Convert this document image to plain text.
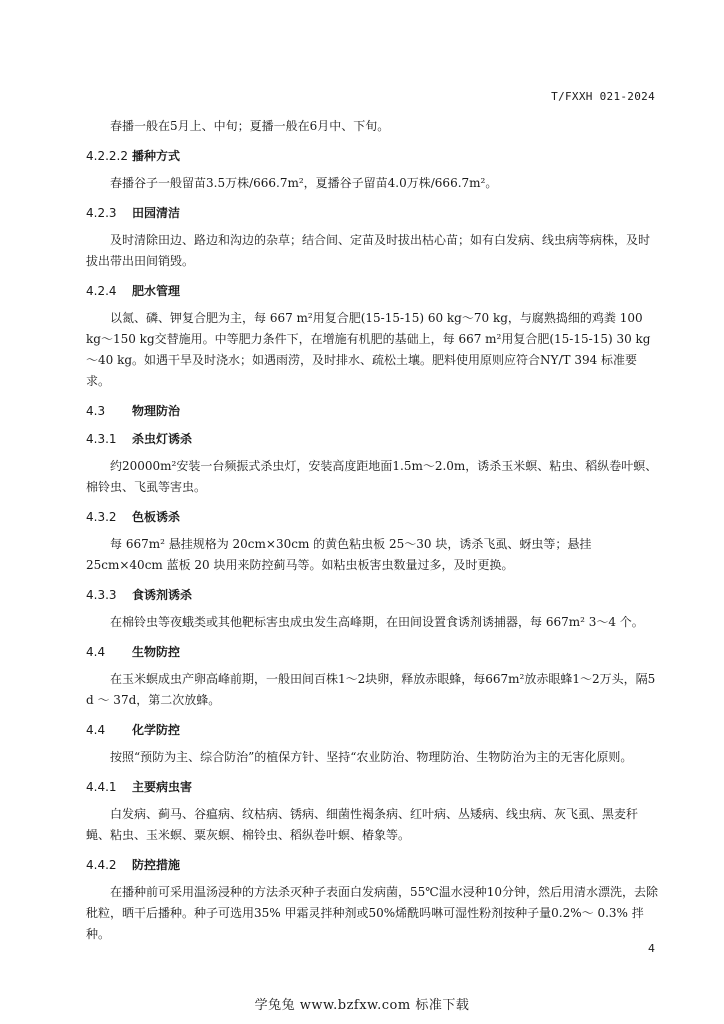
T/FXXH 021-2024

春播一般在5月上、中旬；夏播一般在6月中、下旬。

4.2.2.2 播种方式

春播谷子一般留苗3.5万株/666.7m²，夏播谷子留苗4.0万株/666.7m²。

4.2.3 田园清洁

及时清除田边、路边和沟边的杂草；结合间、定苗及时拔出枯心苗；如有白发病、线虫病等病株，及时拔出带出田间销毁。

4.2.4 肥水管理

以氮、磷、钾复合肥为主，每 667 m²用复合肥(15-15-15) 60 kg～70 kg，与腐熟捣细的鸡粪 100 kg～150 kg交替施用。中等肥力条件下，在增施有机肥的基础上，每 667 m²用复合肥(15-15-15) 30 kg～40 kg。如遇干旱及时浇水；如遇雨涝，及时排水、疏松土壤。肥料使用原则应符合NY/T 394 标准要求。

4.3 物理防治
4.3.1 杀虫灯诱杀

约20000m²安装一台频振式杀虫灯，安装高度距地面1.5m～2.0m，诱杀玉米螟、粘虫、稻纵卷叶螟、棉铃虫、飞虱等害虫。

4.3.2 色板诱杀

每 667m² 悬挂规格为 20cm×30cm 的黄色粘虫板 25～30 块，诱杀飞虱、蚜虫等；悬挂 25cm×40cm 蓝板 20 块用来防控蓟马等。如粘虫板害虫数量过多，及时更换。

4.3.3 食诱剂诱杀

在棉铃虫等夜蛾类或其他靶标害虫成虫发生高峰期，在田间设置食诱剂诱捕器，每 667m² 3～4 个。

4.4 生物防控

在玉米螟成虫产卵高峰前期，一般田间百株1～2块卵，释放赤眼蜂，每667m²放赤眼蜂1～2万头，隔5 d ～ 37d，第二次放蜂。

4.4 化学防控

按照“预防为主、综合防治”的植保方针、坚持“农业防治、物理防治、生物防治为主的无害化原则。

4.4.1 主要病虫害

白发病、蓟马、谷瘟病、纹枯病、锈病、细菌性褐条病、红叶病、丛矮病、线虫病、灰飞虱、黑麦秆蝇、粘虫、玉米螟、粟灰螟、棉铃虫、稻纵卷叶螟、椿象等。

4.4.2 防控措施

在播种前可采用温汤浸种的方法杀灭种子表面白发病菌，55℃温水浸种10分钟，然后用清水漂洗，去除秕粒，晒干后播种。种子可选用35% 甲霜灵拌种剂或50%烯酰吗啉可湿性粉剂按种子量0.2%～ 0.3% 拌种。

4
学兔兔 www.bzfxw.com 标准下载
